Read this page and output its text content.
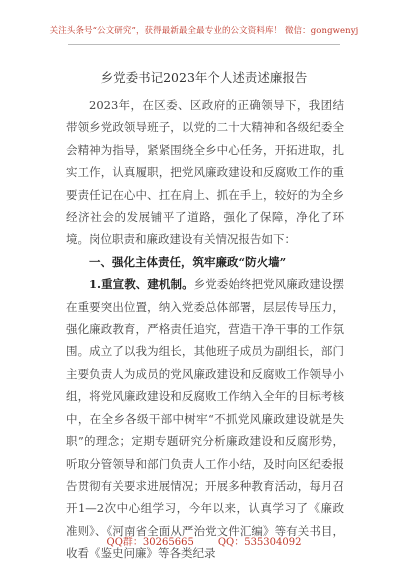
关注头条号“公文研究”，获得最新最全最专业的公文资料库！ 微信：gongwenyj
乡党委书记2023年个人述责述廉报告

2023年，在区委、区政府的正确领导下，我团结带领乡党政领导班子，以党的二十大精神和各级纪委全会精神为指导，紧紧围绕全乡中心任务，开拓进取，扎实工作，认真履职，把党风廉政建设和反腐败工作的重要责任记在心中、扛在肩上、抓在手上，较好的为全乡经济社会的发展铺平了道路，强化了保障，净化了环境。岗位职责和廉政建设有关情况报告如下：

一、强化主体责任，筑牢廉政“防火墙”

1.重宣教、建机制。乡党委始终把党风廉政建设摆在重要突出位置，纳入党委总体部署，层层传导压力，强化廉政教育，严格责任追究，营造干净干事的工作氛围。成立了以我为组长，其他班子成员为副组长，部门主要负责人为成员的党风廉政建设和反腐败工作领导小组，将党风廉政建设和反腐败工作纳入全年的目标考核中，在全乡各级干部中树牢“不抓党风廉政建设就是失职”的理念；定期专题研究分析廉政建设和反腐形势，听取分管领导和部门负责人工作小结，及时向区纪委报告贯彻有关要求进展情况；开展多种教育活动，每月召开1—2次中心组学习，今年以来，认真学习了《廉政准则》、《河南省全面从严治党文件汇编》等有关书目，收看《鉴史问廉》等各类纪录

QQ群：30265665 QQ：535304092
